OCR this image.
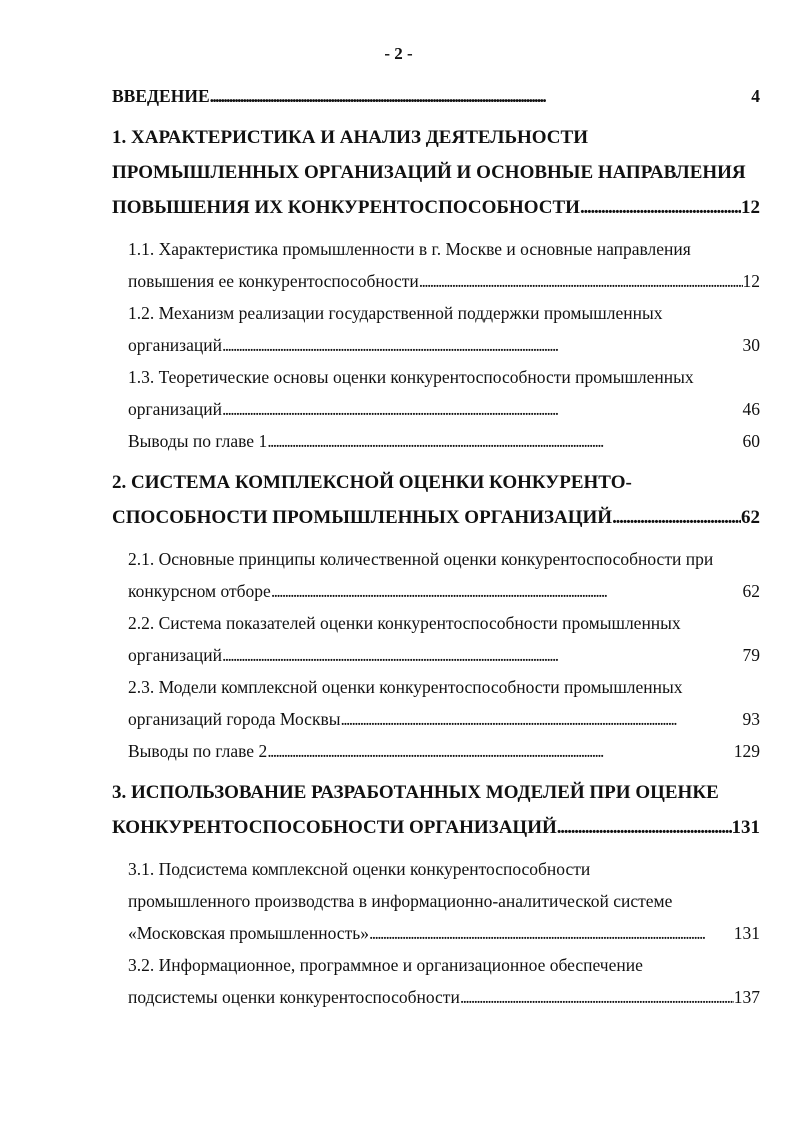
- 2 -
ВВЕДЕНИЕ . . .	4
1. ХАРАКТЕРИСТИКА И АНАЛИЗ ДЕЯТЕЛЬНОСТИ
ПРОМЫШЛЕННЫХ ОРГАНИЗАЦИЙ И ОСНОВНЫЕ НАПРАВЛЕНИЯ
ПОВЫШЕНИЯ ИХ КОНКУРЕНТОСПОСОБНОСТИ . . .	12
1.1. Характеристика промышленности в г. Москве и основные направления
повышения ее конкурентоспособности . . .	12
1.2. Механизм реализации государственной поддержки промышленных
организаций . . .	30
1.3. Теоретические основы оценки конкурентоспособности промышленных
организаций . . .	46
Выводы по главе 1 . . .	60
2. СИСТЕМА КОМПЛЕКСНОЙ ОЦЕНКИ КОНКУРЕНТО-
СПОСОБНОСТИ ПРОМЫШЛЕННЫХ ОРГАНИЗАЦИЙ . . .	62
2.1. Основные принципы количественной оценки конкурентоспособности при
конкурсном отборе . . .	62
2.2. Система показателей оценки конкурентоспособности промышленных
организаций . . .	79
2.3. Модели комплексной оценки конкурентоспособности промышленных
организаций города Москвы . . .	93
Выводы по главе 2 . . .	129
3. ИСПОЛЬЗОВАНИЕ РАЗРАБОТАННЫХ МОДЕЛЕЙ ПРИ ОЦЕНКЕ
КОНКУРЕНТОСПОСОБНОСТИ ОРГАНИЗАЦИЙ . . .	131
3.1. Подсистема комплексной оценки конкурентоспособности
промышленного производства в информационно-аналитической системе
«Московская промышленность» . . .	131
3.2. Информационное, программное и организационное обеспечение
подсистемы оценки конкурентоспособности . . .	137
